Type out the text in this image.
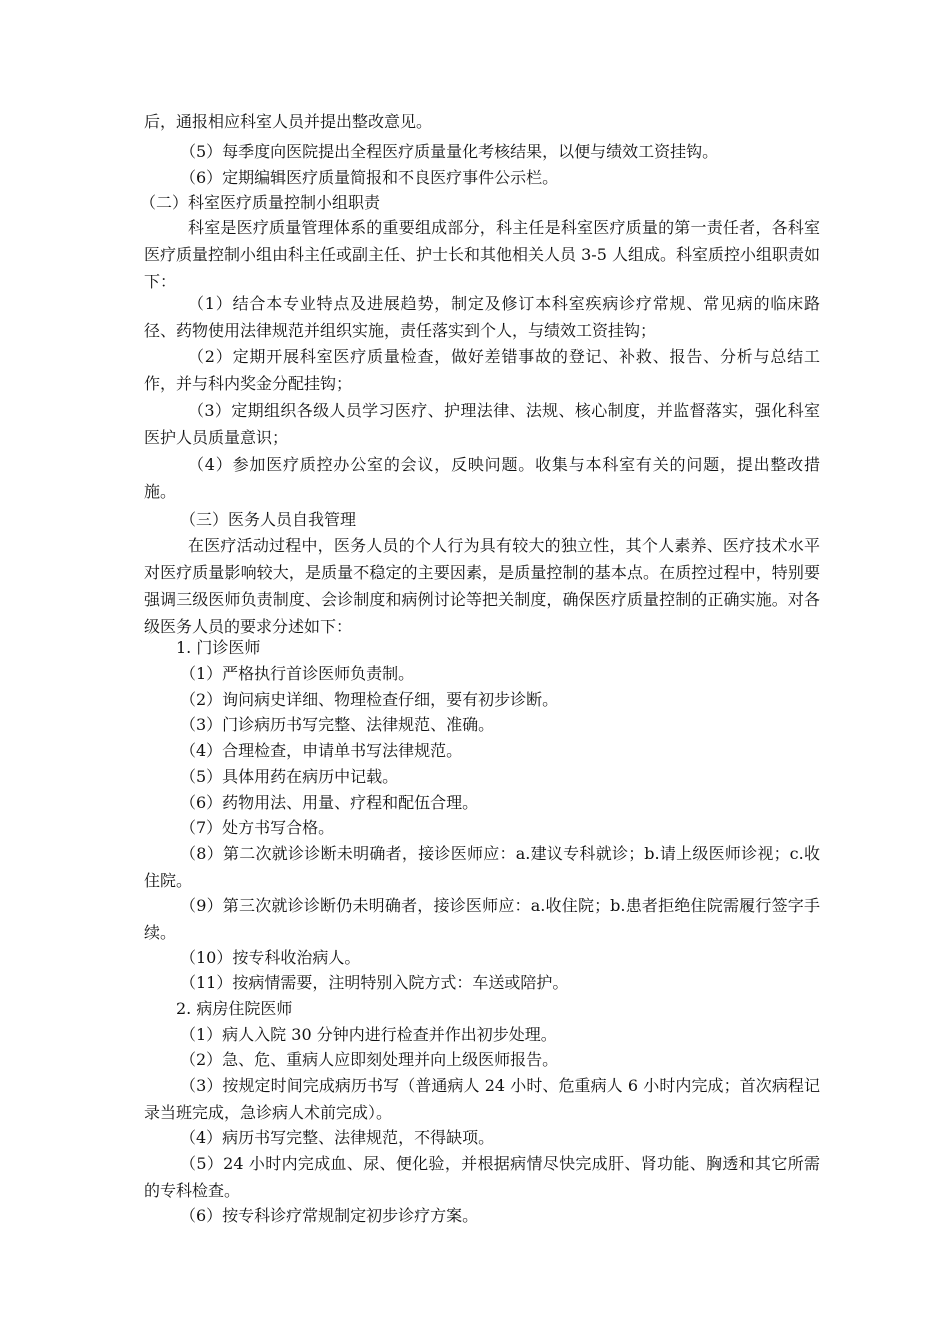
后，通报相应科室人员并提出整改意见。

（5）每季度向医院提出全程医疗质量量化考核结果，以便与绩效工资挂钩。

（6）定期编辑医疗质量简报和不良医疗事件公示栏。

（二）科室医疗质量控制小组职责

科室是医疗质量管理体系的重要组成部分，科主任是科室医疗质量的第一责任者，各科室医疗质量控制小组由科主任或副主任、护士长和其他相关人员 3-5 人组成。科室质控小组职责如下：

（1）结合本专业特点及进展趋势，制定及修订本科室疾病诊疗常规、常见病的临床路径、药物使用法律规范并组织实施，责任落实到个人，与绩效工资挂钩；

（2）定期开展科室医疗质量检查，做好差错事故的登记、补救、报告、分析与总结工作，并与科内奖金分配挂钩；

（3）定期组织各级人员学习医疗、护理法律、法规、核心制度，并监督落实，强化科室医护人员质量意识；

（4）参加医疗质控办公室的会议，反映问题。收集与本科室有关的问题，提出整改措施。

（三）医务人员自我管理

在医疗活动过程中，医务人员的个人行为具有较大的独立性，其个人素养、医疗技术水平对医疗质量影响较大，是质量不稳定的主要因素，是质量控制的基本点。在质控过程中，特别要强调三级医师负责制度、会诊制度和病例讨论等把关制度，确保医疗质量控制的正确实施。对各级医务人员的要求分述如下：

1. 门诊医师

（1）严格执行首诊医师负责制。

（2）询问病史详细、物理检查仔细，要有初步诊断。

（3）门诊病历书写完整、法律规范、准确。

（4）合理检查，申请单书写法律规范。

（5）具体用药在病历中记载。

（6）药物用法、用量、疗程和配伍合理。

（7）处方书写合格。

（8）第二次就诊诊断未明确者，接诊医师应：a.建议专科就诊；b.请上级医师诊视；c.收住院。

（9）第三次就诊诊断仍未明确者，接诊医师应：a.收住院；b.患者拒绝住院需履行签字手续。

（10）按专科收治病人。

（11）按病情需要，注明特别入院方式：车送或陪护。

2. 病房住院医师

（1）病人入院 30 分钟内进行检查并作出初步处理。

（2）急、危、重病人应即刻处理并向上级医师报告。

（3）按规定时间完成病历书写（普通病人 24 小时、危重病人 6 小时内完成；首次病程记录当班完成，急诊病人术前完成）。

（4）病历书写完整、法律规范，不得缺项。

（5）24 小时内完成血、尿、便化验，并根据病情尽快完成肝、肾功能、胸透和其它所需的专科检查。

（6）按专科诊疗常规制定初步诊疗方案。
